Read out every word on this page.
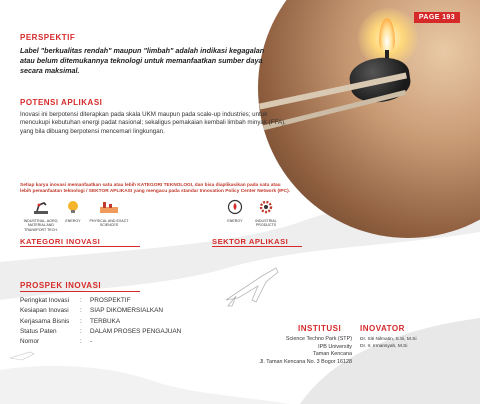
PAGE 193
PERSPEKTIF
Label "berkualitas rendah" maupun "limbah" adalah indikasi kegagalan atau belum ditemukannya teknologi untuk memanfaatkan sumber daya secara maksimal.
POTENSI APLIKASI
Inovasi ini berpotensi diterapkan pada skala UKM maupun pada scale-up industries; untuk mencukupi kebutuhan energi padat nasional; sekaligus pemakaian kembali limbah minyak (FFA), yang bila dibuang berpotensi mencemari lingkungan.
Setiap karya inovasi memanfaatkan satu atau lebih KATEGORI TEKNOLOGI, dan bisa diaplikasikan pada satu atau lebih pemanfaatan teknologi / SEKTOR APLIKASI yang mengacu pada standar Innovation Policy Center Network (IPC).
INDUSTRIAL, AGRO, MATERIAL AND TRANSPORT TECH.
ENERGY	PHYSICAL AND EXACT SCIENCES
ENERGY	INDUSTRIAL PRODUCTS
KATEGORI INOVASI	SEKTOR APLIKASI
PROSPEK INOVASI
Peringkat Inovasi	:	PROSPEKTIF
Kesiapan Inovasi	:	SIAP DIKOMERSIALKAN
Kerjasama Bisnis	:	TERBUKA
Status Paten	:	DALAM PROSES PENGAJUAN
Nomor	:	-
INSTITUSI
Science Techno Park (STP)
IPB University
Taman Kencana
Jl. Taman Kencana No. 3 Bogor 16128
INOVATOR
Dr. Siti Nilmatin, S.Si, M.Si
Dr. Ir. Irmansyah, M.Si
